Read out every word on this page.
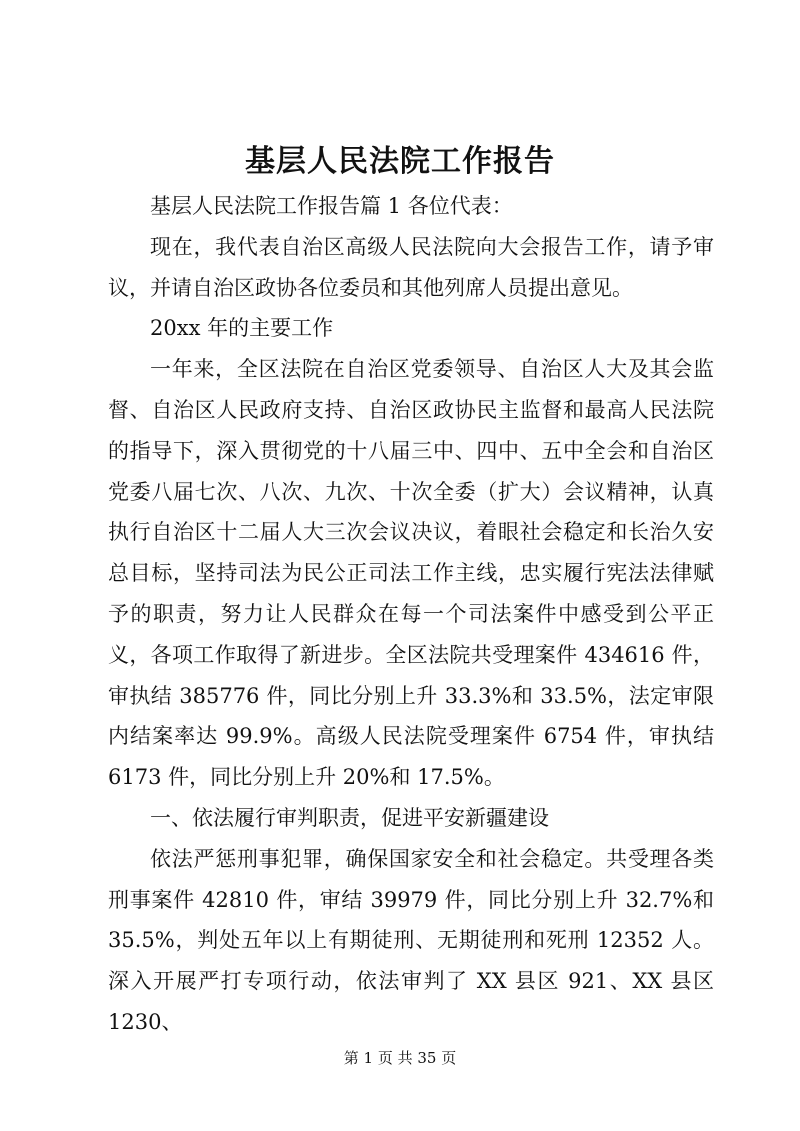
基层人民法院工作报告

基层人民法院工作报告篇 1 各位代表：

现在，我代表自治区高级人民法院向大会报告工作，请予审议，并请自治区政协各位委员和其他列席人员提出意见。

20xx 年的主要工作

一年来，全区法院在自治区党委领导、自治区人大及其会监督、自治区人民政府支持、自治区政协民主监督和最高人民法院的指导下，深入贯彻党的十八届三中、四中、五中全会和自治区党委八届七次、八次、九次、十次全委（扩大）会议精神，认真执行自治区十二届人大三次会议决议，着眼社会稳定和长治久安总目标，坚持司法为民公正司法工作主线，忠实履行宪法法律赋予的职责，努力让人民群众在每一个司法案件中感受到公平正义，各项工作取得了新进步。全区法院共受理案件 434616 件，审执结 385776 件，同比分别上升 33.3%和 33.5%，法定审限内结案率达 99.9%。高级人民法院受理案件 6754 件，审执结 6173 件，同比分别上升 20%和 17.5%。

一、依法履行审判职责，促进平安新疆建设

依法严惩刑事犯罪，确保国家安全和社会稳定。共受理各类刑事案件 42810 件，审结 39979 件，同比分别上升 32.7%和 35.5%，判处五年以上有期徒刑、无期徒刑和死刑 12352 人。深入开展严打专项行动，依法审判了 XX 县区 921、XX 县区 1230、

第 1 页 共 35 页
